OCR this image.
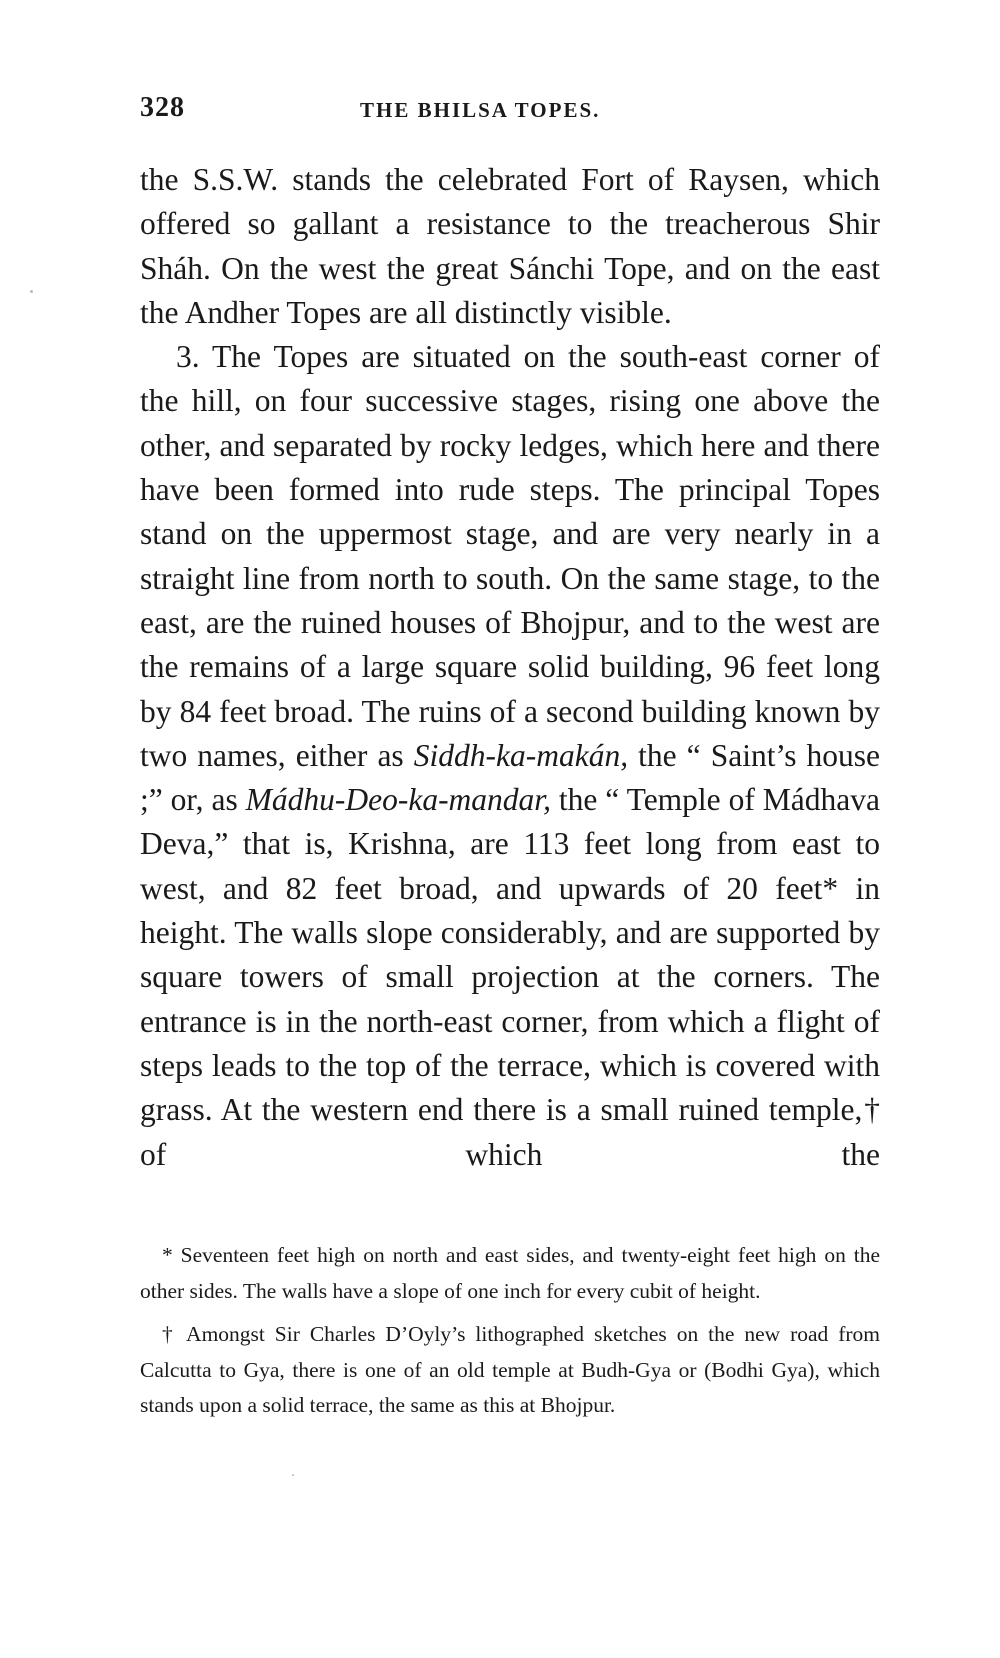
328	THE BHILSA TOPES.

the S.S.W. stands the celebrated Fort of Raysen, which offered so gallant a resistance to the treacherous Shir Sháh. On the west the great Sánchi Tope, and on the east the Andher Topes are all distinctly visible.

3. The Topes are situated on the south-east corner of the hill, on four successive stages, rising one above the other, and separated by rocky ledges, which here and there have been formed into rude steps. The principal Topes stand on the uppermost stage, and are very nearly in a straight line from north to south. On the same stage, to the east, are the ruined houses of Bhojpur, and to the west are the remains of a large square solid building, 96 feet long by 84 feet broad. The ruins of a second building known by two names, either as Siddh-ka-makán, the “ Saint’s house ;” or, as Mádhu-Deo-ka-mandar, the “ Temple of Mádhava Deva,” that is, Krishna, are 113 feet long from east to west, and 82 feet broad, and upwards of 20 feet* in height. The walls slope considerably, and are supported by square towers of small projection at the corners. The entrance is in the north-east corner, from which a flight of steps leads to the top of the terrace, which is covered with grass. At the western end there is a small ruined temple,† of which the

* Seventeen feet high on north and east sides, and twenty-eight feet high on the other sides. The walls have a slope of one inch for every cubit of height.

† Amongst Sir Charles D’Oyly’s lithographed sketches on the new road from Calcutta to Gya, there is one of an old temple at Budh-Gya or (Bodhi Gya), which stands upon a solid terrace, the same as this at Bhojpur.
